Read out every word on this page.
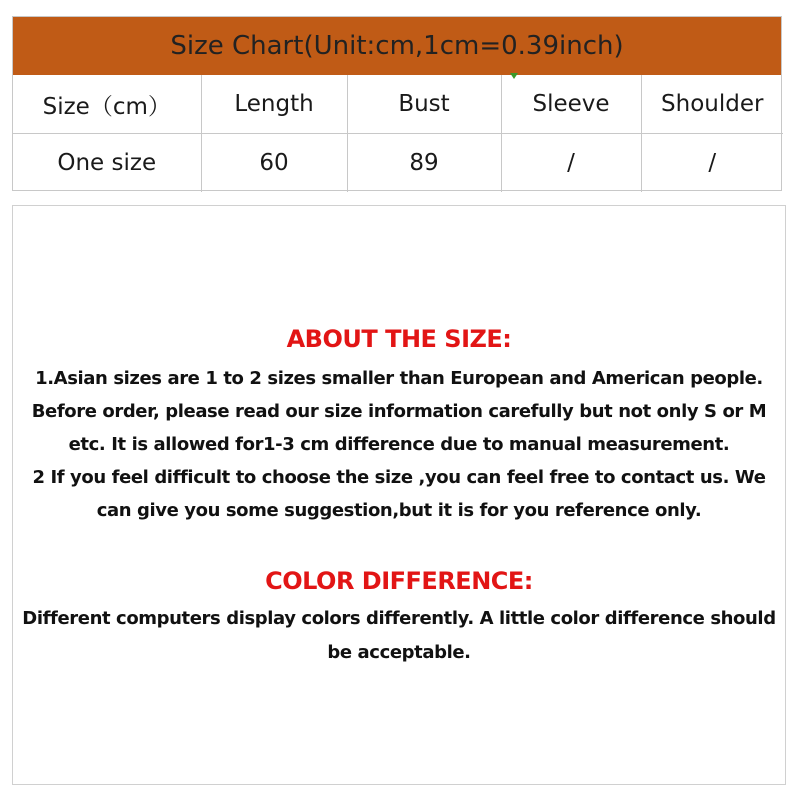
Size Chart(Unit:cm,1cm=0.39inch)
Size（cm）	Length	Bust	Sleeve	Shoulder
One size	60	89	/	/
ABOUT THE SIZE:
1.Asian sizes are 1 to 2 sizes smaller than European and American people.
Before order, please read our size information carefully but not only S or M
etc. It is allowed for1-3 cm difference due to manual measurement.
2 If you feel difficult to choose the size ,you can feel free to contact us. We
can give you some suggestion,but it is for you reference only.
COLOR DIFFERENCE:
Different computers display colors differently. A little color difference should
be acceptable.
